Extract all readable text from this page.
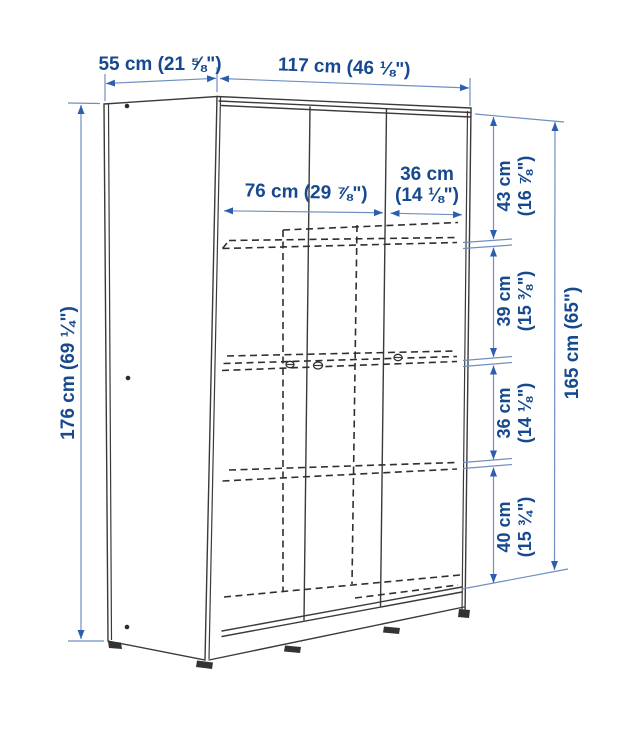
55 cm (21 ⅝")	117 cm (46 ⅛")
176 cm (69 ¼")
76 cm (29 ⅞")
36 cm
(14 ⅛") 43 cm (16 ⅞")
39 cm (15 ⅜")
36 cm (14 ⅛")
40 cm (15 ¾")
165 cm (65")
